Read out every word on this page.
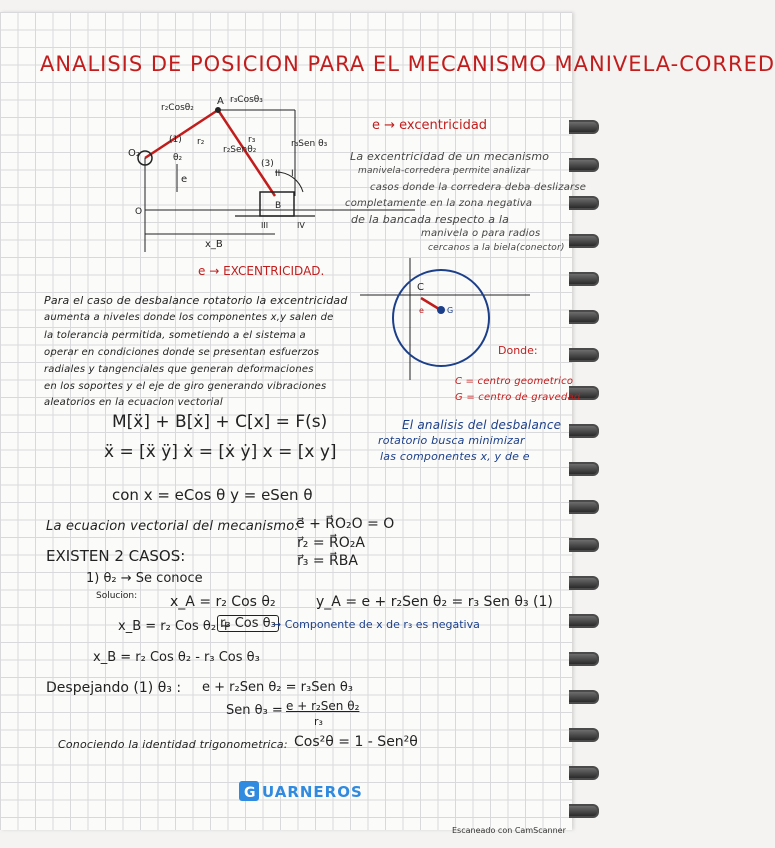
ANALISIS DE POSICION PARA EL MECANISMO MANIVELA-CORRED
O₂
A r₃Cosθ₃
r₂Cosθ₂
(1) r₂	r₃	r₃Sen θ₃
r₂Senθ₂
(3)
θ₂
I
II
e
O
x_B
B
III	IV
e → EXCENTRICIDAD.
e → excentricidad
La excentricidad de un mecanismo
manivela-corredera permite analizar
casos donde la corredera deba deslizarse
completamente en la zona negativa
de la bancada respecto a la
manivela o para radios
cercanos a la biela(conector)
C
e	G
Donde:
C = centro geometrico
G = centro de gravedad
Para el caso de desbalance rotatorio la excentricidad
aumenta a niveles donde los componentes x,y salen de
la tolerancia permitida, sometiendo a el sistema a
operar en condiciones donde se presentan esfuerzos
radiales y tangenciales que generan deformaciones
en los soportes y el eje de giro generando vibraciones
aleatorios en la ecuacion vectorial
M[ẍ] + B[ẋ] + C[x] = F(s)
ẍ = [ẍ ÿ] ẋ = [ẋ ẏ] x = [x y]
El analisis del desbalance
rotatorio busca minimizar
las componentes x, y de e
con x = eCos θ y = eSen θ
La ecuacion vectorial del mecanismo:
e⃗ + R⃗O₂O = O
r⃗₂ = R⃗O₂A
r⃗₃ = R⃗BA
EXISTEN 2 CASOS:
1) θ₂ → Se conoce
Solucion: x_A = r₂ Cos θ₂	y_A = e + r₂Sen θ₂ = r₃ Sen θ₃ (1)
x_B = r₂ Cos θ₂ +
r₃ Cos θ₃
→ Componente de x de r₃ es negativa
x_B = r₂ Cos θ₂ - r₃ Cos θ₃
Despejando (1) θ₃ : e + r₂Sen θ₂ = r₃Sen θ₃
Sen θ₃ = e + r₂Sen θ₂
r₃
Conociendo la identidad trigonometrica: Cos²θ = 1 - Sen²θ
G UARNEROS
Escaneado con CamScanner
